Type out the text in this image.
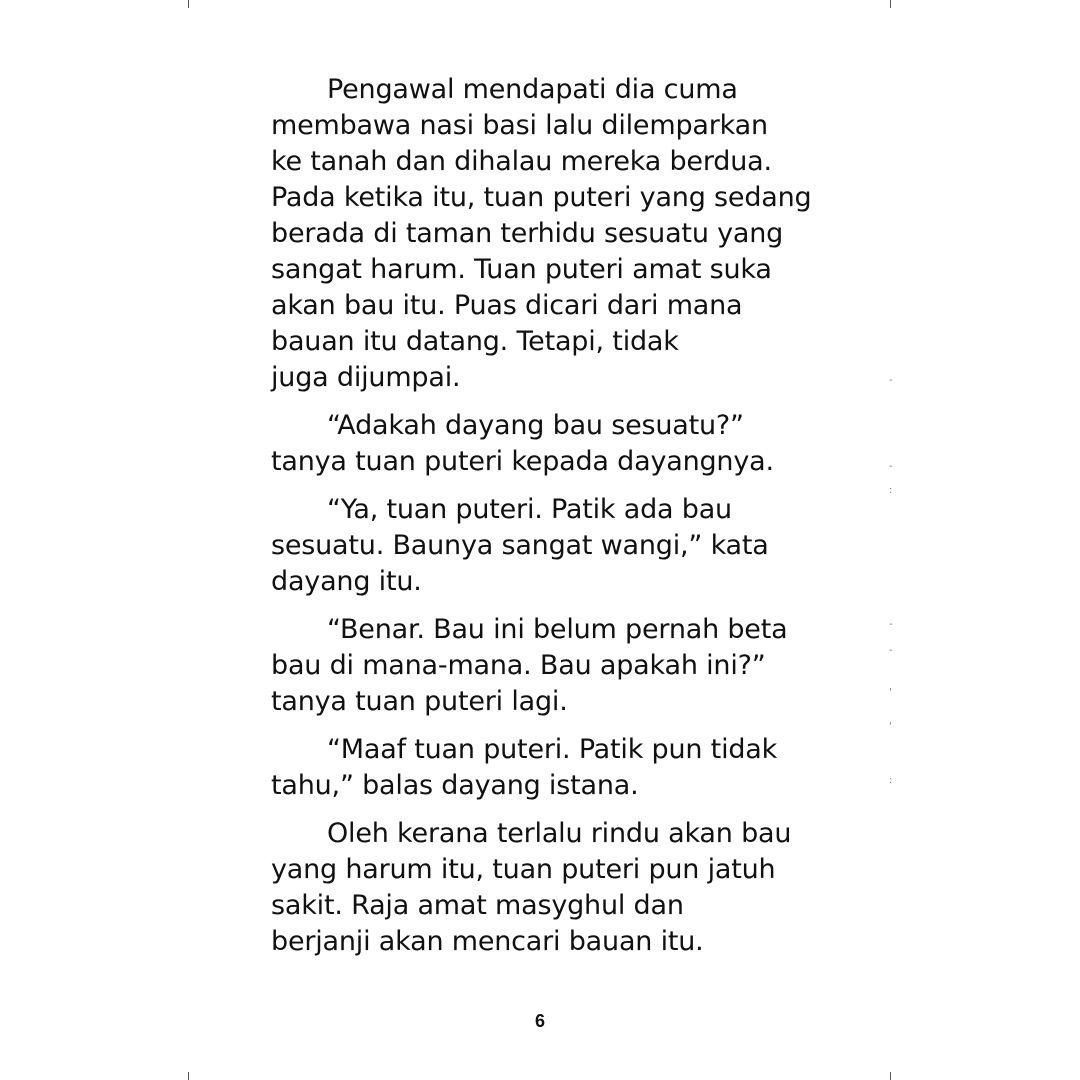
-
-
:
-
-
'
'
:

Pengawal mendapati dia cuma
membawa nasi basi lalu dilemparkan
ke tanah dan dihalau mereka berdua.
Pada ketika itu, tuan puteri yang sedang
berada di taman terhidu sesuatu yang
sangat harum. Tuan puteri amat suka
akan bau itu. Puas dicari dari mana
bauan itu datang. Tetapi, tidak
juga dijumpai.

“Adakah dayang bau sesuatu?”
tanya tuan puteri kepada dayangnya.

“Ya, tuan puteri. Patik ada bau
sesuatu. Baunya sangat wangi,” kata
dayang itu.

“Benar. Bau ini belum pernah beta
bau di mana-mana. Bau apakah ini?”
tanya tuan puteri lagi.

“Maaf tuan puteri. Patik pun tidak
tahu,” balas dayang istana.

Oleh kerana terlalu rindu akan bau
yang harum itu, tuan puteri pun jatuh
sakit. Raja amat masyghul dan
berjanji akan mencari bauan itu.

6
